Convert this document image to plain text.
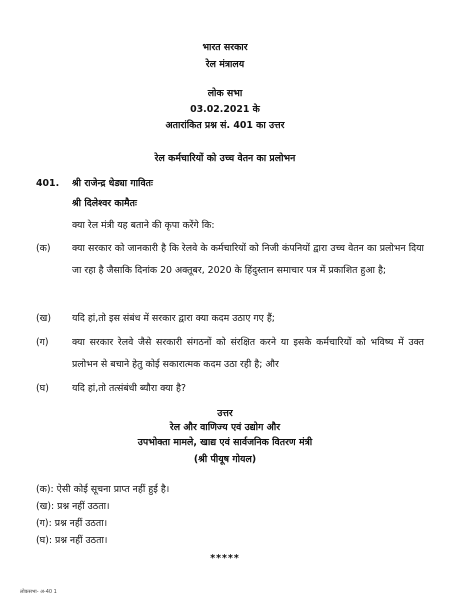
भारत सरकार
रेल मंत्रालय
लोक सभा
03.02.2021 के
अतारांकित प्रश्न सं. 401 का उत्तर
रेल कर्मचारियों को उच्च वेतन का प्रलोभन
401. श्री राजेन्द्र धेड्या गावितः
श्री दिलेश्वर कामैतः
क्या रेल मंत्री यह बताने की कृपा करेंगे कि:
(क)	क्या सरकार को जानकारी है कि रेलवे के कर्मचारियों को निजी कंपनियों द्वारा उच्च वेतन का प्रलोभन दिया जा रहा है जैसाकि दिनांक 20 अक्तूबर, 2020 के हिंदुस्तान समाचार पत्र में प्रकाशित हुआ है;
(ख)	यदि हां,तो इस संबंध में सरकार द्वारा क्या कदम उठाए गए हैं;
(ग)	क्या सरकार रेलवे जैसे सरकारी संगठनों को संरक्षित करने या इसके कर्मचारियों को भविष्य में उक्त प्रलोभन से बचाने हेतु कोई सकारात्मक कदम उठा रही है; और
(घ)	यदि हां,तो तत्संबंधी ब्यौरा क्या है?
उत्तर
रेल और वाणिज्य एवं उद्योग और
उपभोक्ता मामले, खाद्य एवं सार्वजनिक वितरण मंत्री
(श्री पीयूष गोयल)
(क): ऐसी कोई सूचना प्राप्त नहीं हुई है।
(ख): प्रश्न नहीं उठता।
(ग): प्रश्न नहीं उठता।
(घ): प्रश्न नहीं उठता।
*****
लोकसभा- अ-40 1
